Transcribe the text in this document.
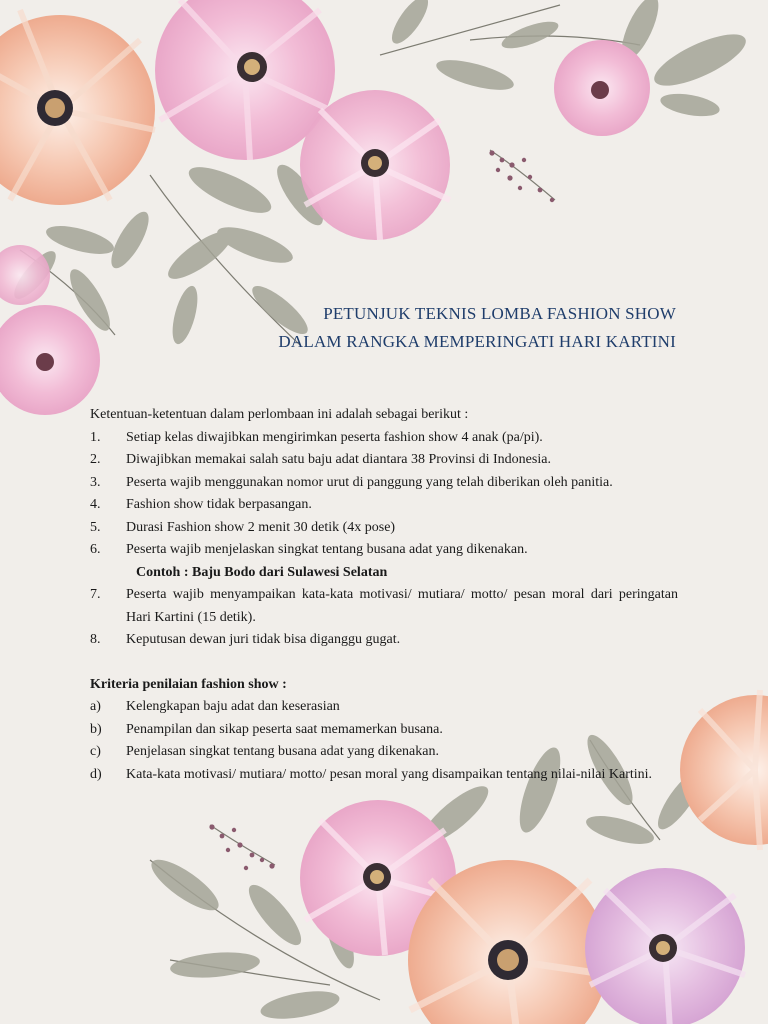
PETUNJUK TEKNIS LOMBA FASHION SHOW
DALAM RANGKA MEMPERINGATI HARI KARTINI

Ketentuan-ketentuan dalam perlombaan ini adalah sebagai berikut :

1. Setiap kelas diwajibkan mengirimkan peserta fashion show 4 anak (pa/pi).
2. Diwajibkan memakai salah satu baju adat diantara 38 Provinsi di Indonesia.
3. Peserta wajib menggunakan nomor urut di panggung yang telah diberikan oleh panitia.
4. Fashion show tidak berpasangan.
5. Durasi Fashion show 2 menit 30 detik (4x pose)
6. Peserta wajib menjelaskan singkat tentang busana adat yang dikenakan.
Contoh : Baju Bodo dari Sulawesi Selatan
7. Peserta wajib menyampaikan kata-kata motivasi/ mutiara/ motto/ pesan moral dari peringatan Hari Kartini (15 detik).
8. Keputusan dewan juri tidak bisa diganggu gugat.
Kriteria penilaian fashion show :
a) Kelengkapan baju adat dan keserasian
b) Penampilan dan sikap peserta saat memamerkan busana.
c) Penjelasan singkat tentang busana adat yang dikenakan.
d) Kata-kata motivasi/ mutiara/ motto/ pesan moral yang disampaikan tentang nilai-nilai Kartini.
